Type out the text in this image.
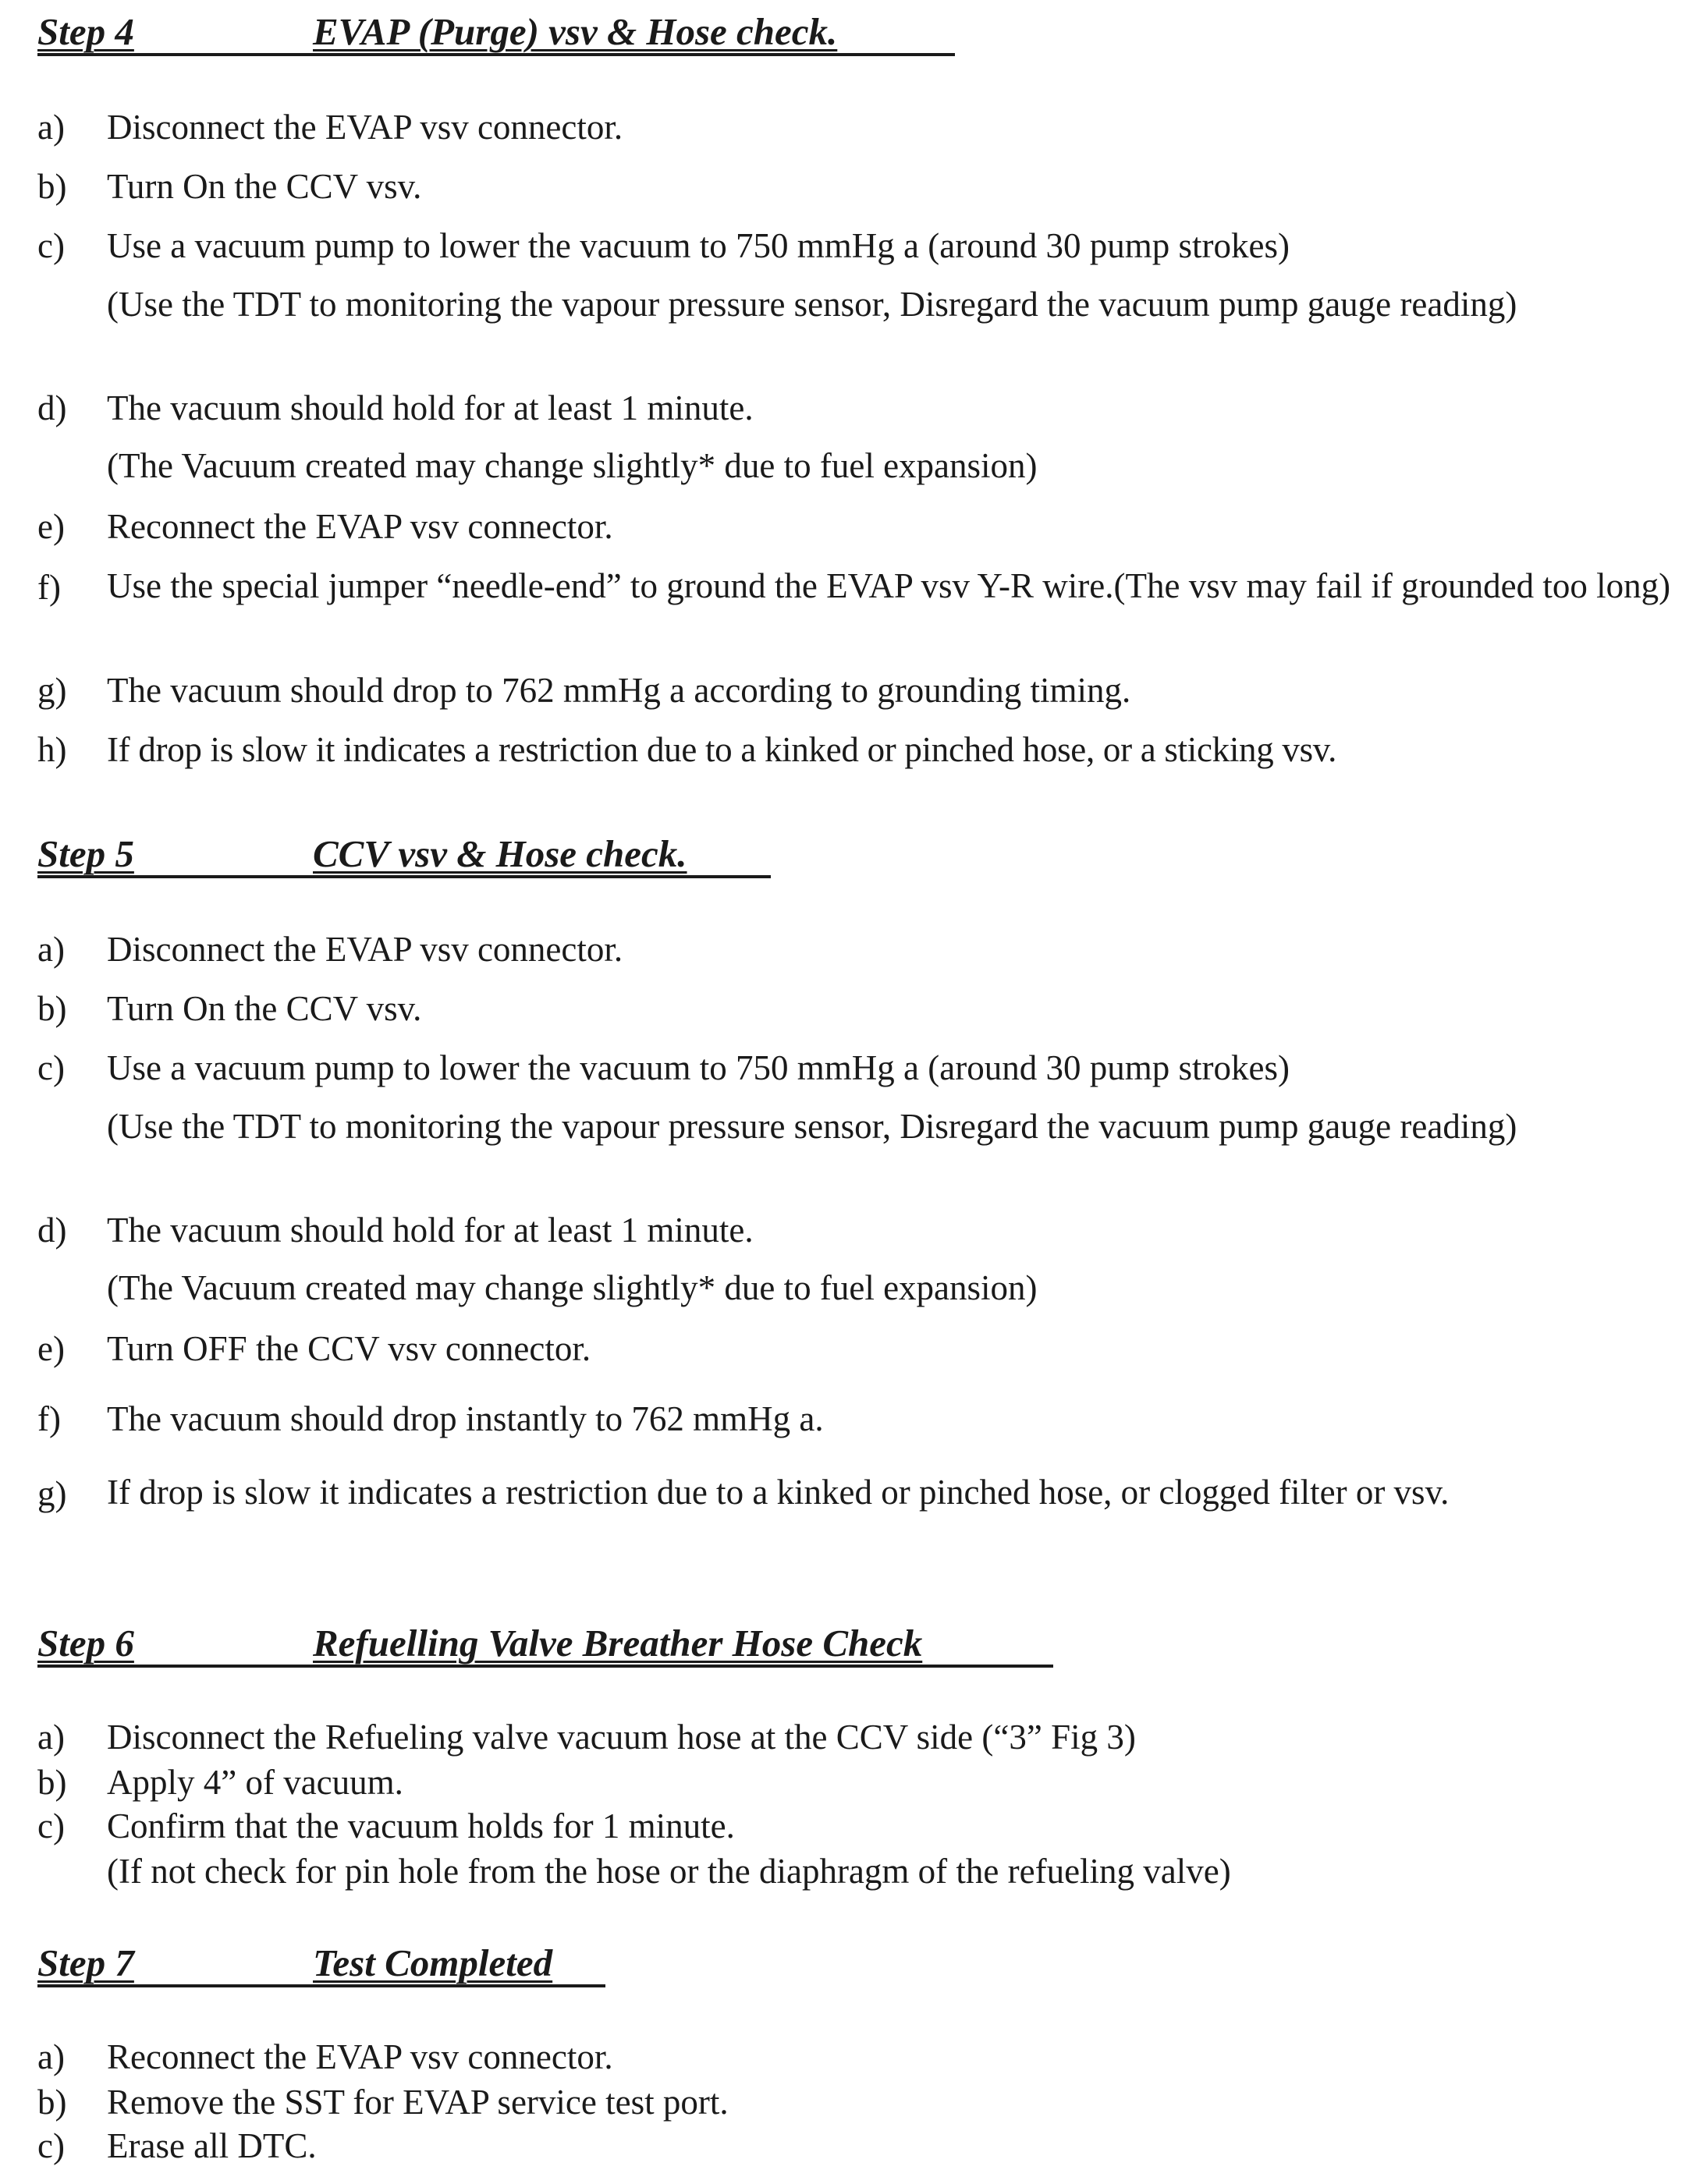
Step 4	EVAP (Purge) vsv & Hose check.
a)	Disconnect the EVAP vsv connector.
b)	Turn On the CCV vsv.
c)	Use a vacuum pump to lower the vacuum to 750 mmHg a (around 30 pump strokes)
(Use the TDT to monitoring the vapour pressure sensor, Disregard the vacuum pump gauge reading)
d)	The vacuum should hold for at least 1 minute.
(The Vacuum created may change slightly* due to fuel expansion)
e)	Reconnect the EVAP vsv connector.
f)	Use the special jumper “needle-end” to ground the EVAP vsv Y-R wire.(The vsv may fail if grounded too long)
g)	The vacuum should drop to 762 mmHg a according to grounding timing.
h)	If drop is slow it indicates a restriction due to a kinked or pinched hose, or a sticking vsv.
Step 5	CCV vsv & Hose check.
a)	Disconnect the EVAP vsv connector.
b)	Turn On the CCV vsv.
c)	Use a vacuum pump to lower the vacuum to 750 mmHg a (around 30 pump strokes)
(Use the TDT to monitoring the vapour pressure sensor, Disregard the vacuum pump gauge reading)
d)	The vacuum should hold for at least 1 minute.
(The Vacuum created may change slightly* due to fuel expansion)
e)	Turn OFF the CCV vsv connector.
f)	The vacuum should drop instantly to 762 mmHg a.
g)	If drop is slow it indicates a restriction due to a kinked or pinched hose, or clogged filter or vsv.
Step 6	Refuelling Valve Breather Hose Check
a)	Disconnect the Refueling valve vacuum hose at the CCV side (“3” Fig 3)
b)	Apply 4” of vacuum.
c)	Confirm that the vacuum holds for 1 minute.
(If not check for pin hole from the hose or the diaphragm of the refueling valve)
Step 7	Test Completed
a)	Reconnect the EVAP vsv connector.
b)	Remove the SST for EVAP service test port.
c)	Erase all DTC.
